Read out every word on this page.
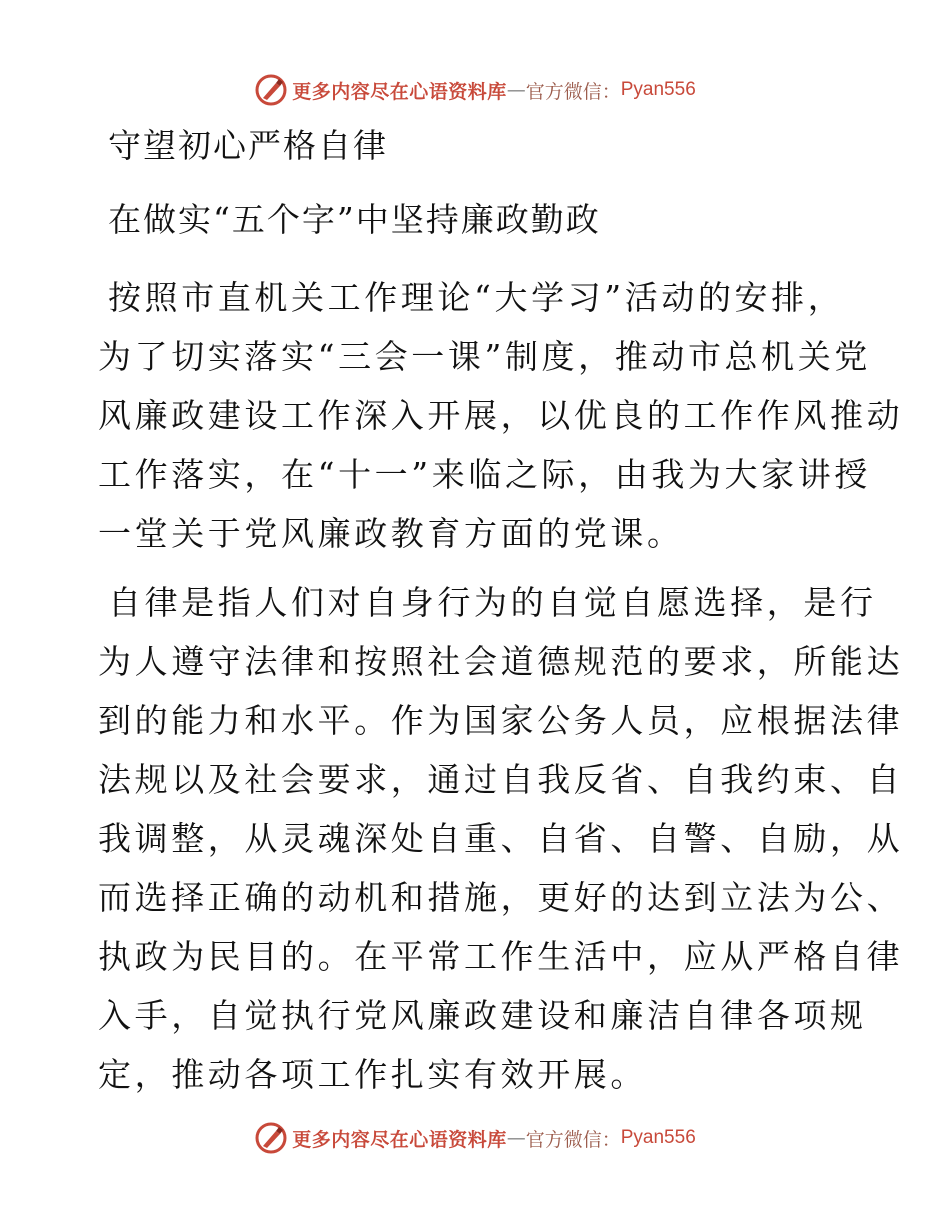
更多内容尽在心语资料库 — 官方微信： Pyan556
守望初心严格自律
在做实“五个字”中坚持廉政勤政
按照市直机关工作理论“大学习”活动的安排，
为了切实落实“三会一课”制度，推动市总机关党
风廉政建设工作深入开展，以优良的工作作风推动
工作落实，在“十一”来临之际，由我为大家讲授
一堂关于党风廉政教育方面的党课。
自律是指人们对自身行为的自觉自愿选择，是行
为人遵守法律和按照社会道德规范的要求，所能达
到的能力和水平。作为国家公务人员，应根据法律
法规以及社会要求，通过自我反省、自我约束、自
我调整，从灵魂深处自重、自省、自警、自励，从
而选择正确的动机和措施，更好的达到立法为公、
执政为民目的。在平常工作生活中，应从严格自律
入手，自觉执行党风廉政建设和廉洁自律各项规
定，推动各项工作扎实有效开展。
更多内容尽在心语资料库 — 官方微信： Pyan556
